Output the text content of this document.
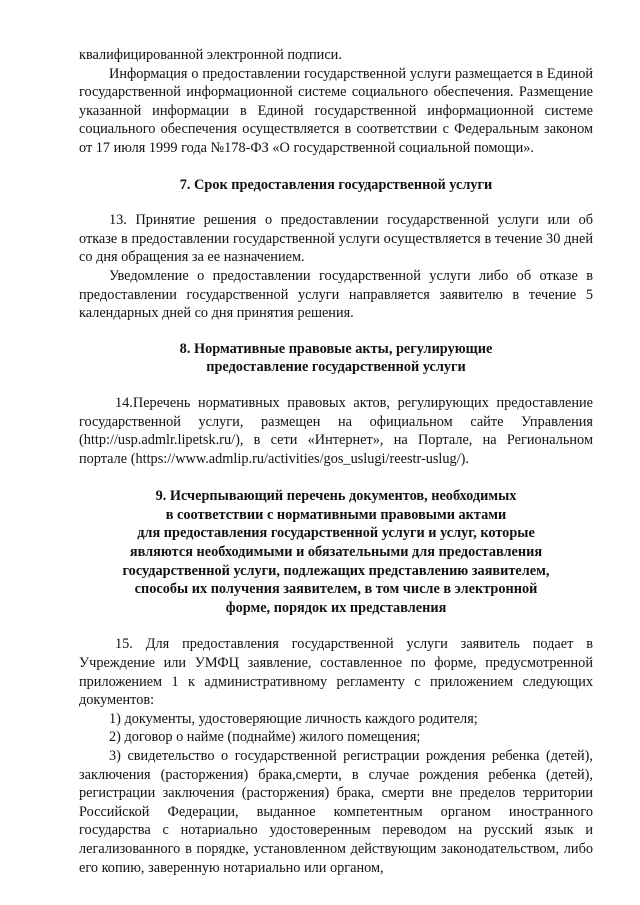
квалифицированной электронной подписи.

Информация о предоставлении государственной услуги размещается в Единой государственной информационной системе социального обеспечения. Размещение указанной информации в Единой государственной информационной системе социального обеспечения осуществляется в соответствии с Федеральным законом от 17 июля 1999 года №178-ФЗ «О государственной социальной помощи».

7. Срок предоставления государственной услуги

13. Принятие решения о предоставлении государственной услуги или об отказе в предоставлении государственной услуги осуществляется в течение 30 дней со дня обращения за ее назначением.

Уведомление о предоставлении государственной услуги либо об отказе в предоставлении государственной услуги направляется заявителю в течение 5 календарных дней со дня принятия решения.

8. Нормативные правовые акты, регулирующие
предоставление государственной услуги

14.Перечень нормативных правовых актов, регулирующих предоставление государственной услуги, размещен на официальном сайте Управления (http://usp.admlr.lipetsk.ru/), в сети «Интернет», на Портале, на Региональном портале (https://www.admlip.ru/activities/gos_uslugi/reestr-uslug/).

9. Исчерпывающий перечень документов, необходимых
в соответствии с нормативными правовыми актами
для предоставления государственной услуги и услуг, которые
являются необходимыми и обязательными для предоставления
государственной услуги, подлежащих представлению заявителем,
способы их получения заявителем, в том числе в электронной
форме, порядок их представления

15. Для предоставления государственной услуги заявитель подает в Учреждение или УМФЦ заявление, составленное по форме, предусмотренной приложением 1 к административному регламенту с приложением следующих документов:

1) документы, удостоверяющие личность каждого родителя;

2) договор о найме (поднайме) жилого помещения;

3) свидетельство о государственной регистрации рождения ребенка (детей), заключения (расторжения) брака,смерти, в случае рождения ребенка (детей), регистрации заключения (расторжения) брака, смерти вне пределов территории Российской Федерации, выданное компетентным органом иностранного государства с нотариально удостоверенным переводом на русский язык и легализованного в порядке, установленном действующим законодательством, либо его копию, заверенную нотариально или органом,
